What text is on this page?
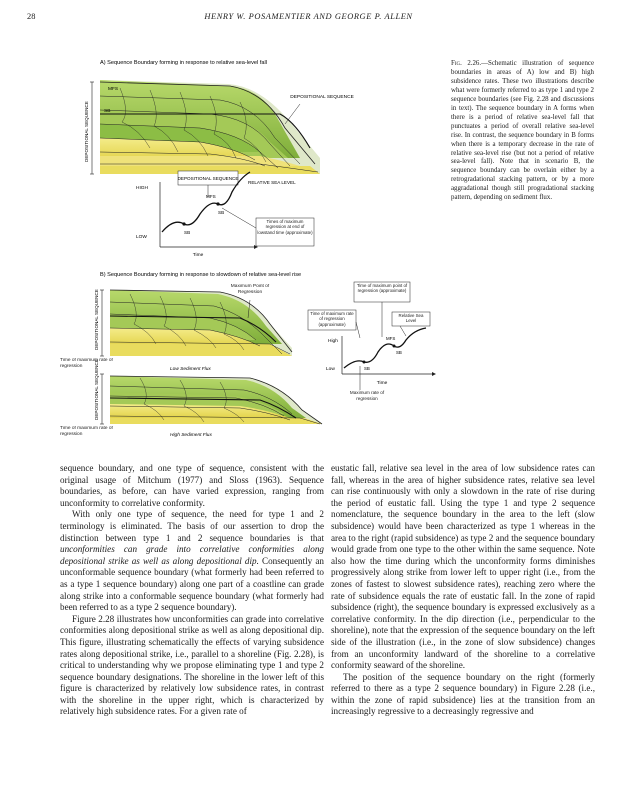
28	HENRY W. POSAMENTIER AND GEORGE P. ALLEN
A) Sequence Boundary forming in response to relative sea-level fall
DEPOSITIONAL SEQUENCE
MFS
SB
DEPOSITIONAL SEQUENCE
DEPOSITIONAL SEQUENCE
HIGH
LOW
RELATIVE SEA LEVEL
MFS
SB
SB
Times of maximum regression at end of lowstand time (approximate)
Time
B) Sequence Boundary forming in response to slowdown of relative sea-level rise
DEPOSITIONAL SEQUENCE
Maximum Point of Regression
Time of maximum rate of regression
Low Sediment Flux
DEPOSITIONAL SEQUENCE
Time of maximum rate of regression	High Sediment Flux
Time of maximum point of regression (approximate)
Time of maximum rate of regression (approximate)
Relative Sea Level
High
Low
MFS
SB
SB
Time
Maximum rate of regression
Fig. 2.26.—Schematic illustration of sequence boundaries in areas of A) low and B) high subsidence rates. These two illustrations describe what were formerly referred to as type 1 and type 2 sequence boundaries (see Fig. 2.28 and discussions in text). The sequence boundary in A forms when there is a period of relative sea-level fall that punctuates a period of overall relative sea-level rise. In contrast, the sequence boundary in B forms when there is a temporary decrease in the rate of relative sea-level rise (but not a period of relative sea-level fall). Note that in scenario B, the sequence boundary can be overlain either by a retrogradational stacking pattern, or by a more aggradational though still progradational stacking pattern, depending on sediment flux.

sequence boundary, and one type of sequence, consistent with the original usage of Mitchum (1977) and Sloss (1963). Sequence boundaries, as before, can have varied expression, ranging from unconformity to correlative conformity.

With only one type of sequence, the need for type 1 and 2 terminology is eliminated. The basis of our assertion to drop the distinction between type 1 and 2 sequence boundaries is that unconformities can grade into correlative conformities along depositional strike as well as along depositional dip. Consequently an unconformable sequence boundary (what formerly had been referred to as a type 1 sequence boundary) along one part of a coastline can grade along strike into a conformable sequence boundary (what formerly had been referred to as a type 2 sequence boundary).

Figure 2.28 illustrates how unconformities can grade into correlative conformities along depositional strike as well as along depositional dip. This figure, illustrating schematically the effects of varying subsidence rates along depositional strike, i.e., parallel to a shoreline (Fig. 2.28), is critical to understanding why we propose eliminating type 1 and type 2 sequence boundary designations. The shoreline in the lower left of this figure is characterized by relatively low subsidence rates, in contrast with the shoreline in the upper right, which is characterized by relatively high subsidence rates. For a given rate of

eustatic fall, relative sea level in the area of low subsidence rates can fall, whereas in the area of higher subsidence rates, relative sea level can rise continuously with only a slowdown in the rate of rise during the period of eustatic fall. Using the type 1 and type 2 sequence nomenclature, the sequence boundary in the area to the left (slow subsidence) would have been characterized as type 1 whereas in the area to the right (rapid subsidence) as type 2 and the sequence boundary would grade from one type to the other within the same sequence. Note also how the time during which the unconformity forms diminishes progressively along strike from lower left to upper right (i.e., from the zones of fastest to slowest subsidence rates), reaching zero where the rate of subsidence equals the rate of eustatic fall. In the zone of rapid subsidence (right), the sequence boundary is expressed exclusively as a correlative conformity. In the dip direction (i.e., perpendicular to the shoreline), note that the expression of the sequence boundary on the left side of the illustration (i.e., in the zone of slow subsidence) changes from an unconformity landward of the shoreline to a correlative conformity seaward of the shoreline.

The position of the sequence boundary on the right (formerly referred to there as a type 2 sequence boundary) in Figure 2.28 (i.e., within the zone of rapid subsidence) lies at the transition from an increasingly regressive to a decreasingly regressive and
